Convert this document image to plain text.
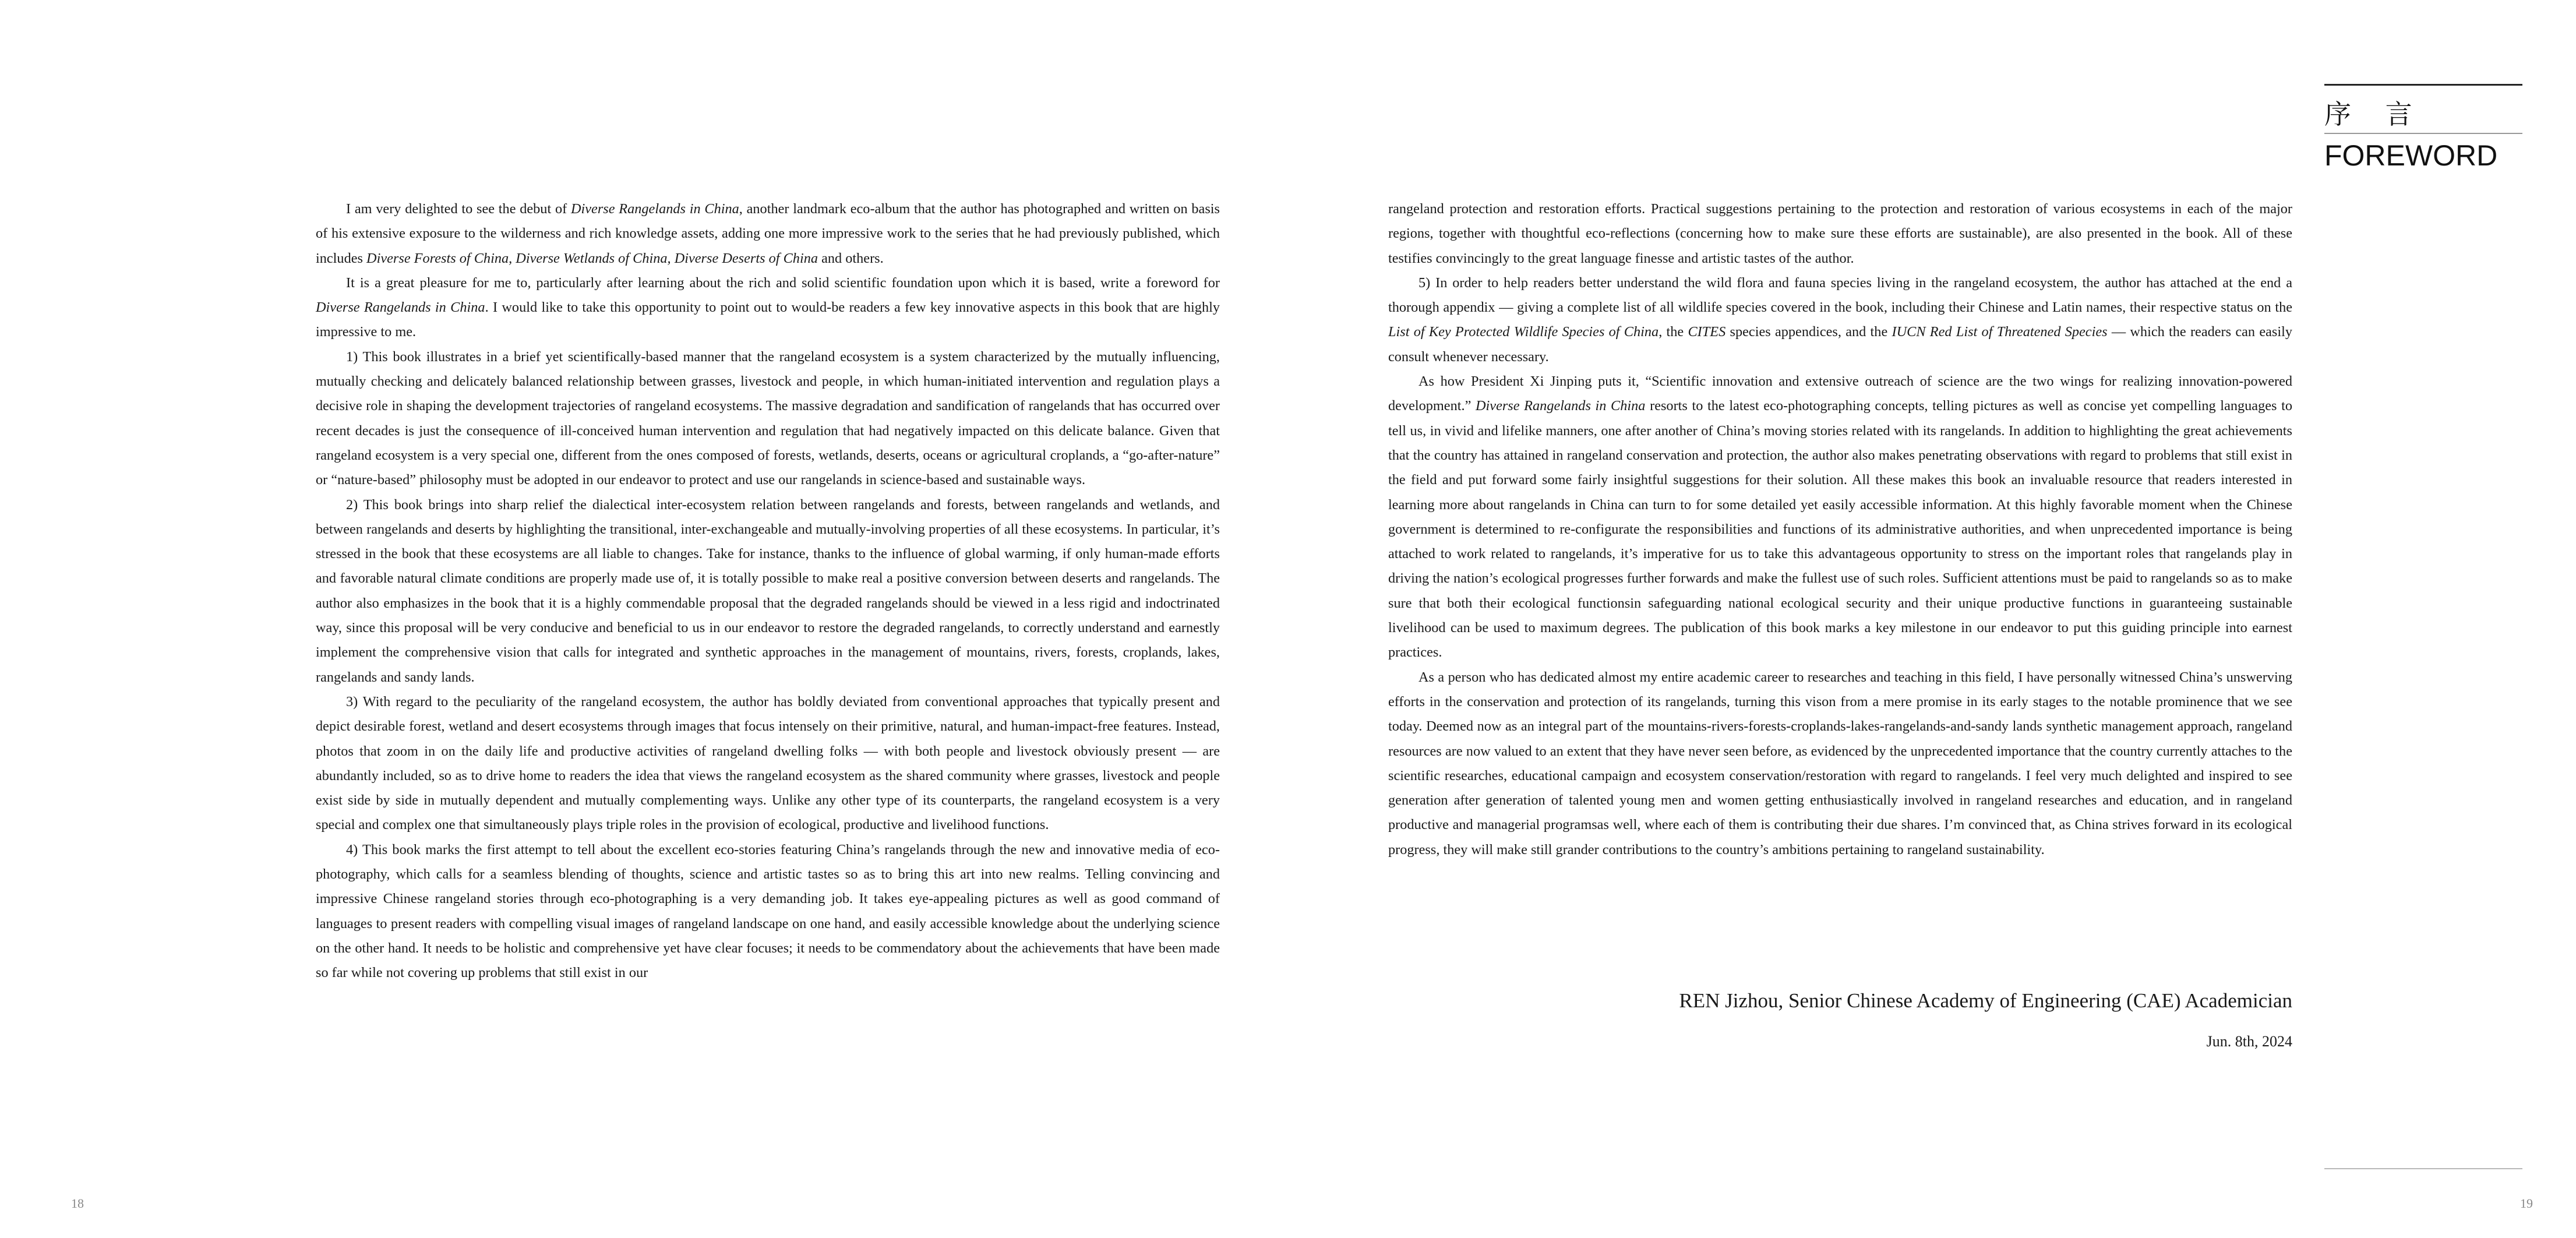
序 言
FOREWORD

I am very delighted to see the debut of Diverse Rangelands in China, another landmark eco-album that the author has photographed and written on basis of his extensive exposure to the wilderness and rich knowledge assets, adding one more impressive work to the series that he had previously published, which includes Diverse Forests of China, Diverse Wetlands of China, Diverse Deserts of China and others.

It is a great pleasure for me to, particularly after learning about the rich and solid scientific foundation upon which it is based, write a foreword for Diverse Rangelands in China. I would like to take this opportunity to point out to would-be readers a few key innovative aspects in this book that are highly impressive to me.

1) This book illustrates in a brief yet scientifically-based manner that the rangeland ecosystem is a system characterized by the mutually influencing, mutually checking and delicately balanced relationship between grasses, livestock and people, in which human-initiated intervention and regulation plays a decisive role in shaping the development trajectories of rangeland ecosystems. The massive degradation and sandification of rangelands that has occurred over recent decades is just the consequence of ill-conceived human intervention and regulation that had negatively impacted on this delicate balance. Given that rangeland ecosystem is a very special one, different from the ones composed of forests, wetlands, deserts, oceans or agricultural croplands, a “go-after-nature” or “nature-based” philosophy must be adopted in our endeavor to protect and use our rangelands in science-based and sustainable ways.

2) This book brings into sharp relief the dialectical inter-ecosystem relation between rangelands and forests, between rangelands and wetlands, and between rangelands and deserts by highlighting the transitional, inter-exchangeable and mutually-involving properties of all these ecosystems. In particular, it’s stressed in the book that these ecosystems are all liable to changes. Take for instance, thanks to the influence of global warming, if only human-made efforts and favorable natural climate conditions are properly made use of, it is totally possible to make real a positive conversion between deserts and rangelands. The author also emphasizes in the book that it is a highly commendable proposal that the degraded rangelands should be viewed in a less rigid and indoctrinated way, since this proposal will be very conducive and beneficial to us in our endeavor to restore the degraded rangelands, to correctly understand and earnestly implement the comprehensive vision that calls for integrated and synthetic approaches in the management of mountains, rivers, forests, croplands, lakes, rangelands and sandy lands.

3) With regard to the peculiarity of the rangeland ecosystem, the author has boldly deviated from conventional approaches that typically present and depict desirable forest, wetland and desert ecosystems through images that focus intensely on their primitive, natural, and human-impact-free features. Instead, photos that zoom in on the daily life and productive activities of rangeland dwelling folks — with both people and livestock obviously present — are abundantly included, so as to drive home to readers the idea that views the rangeland ecosystem as the shared community where grasses, livestock and people exist side by side in mutually dependent and mutually complementing ways. Unlike any other type of its counterparts, the rangeland ecosystem is a very special and complex one that simultaneously plays triple roles in the provision of ecological, productive and livelihood functions.

4) This book marks the first attempt to tell about the excellent eco-stories featuring China’s rangelands through the new and innovative media of eco-photography, which calls for a seamless blending of thoughts, science and artistic tastes so as to bring this art into new realms. Telling convincing and impressive Chinese rangeland stories through eco-photographing is a very demanding job. It takes eye-appealing pictures as well as good command of languages to present readers with compelling visual images of rangeland landscape on one hand, and easily accessible knowledge about the underlying science on the other hand. It needs to be holistic and comprehensive yet have clear focuses; it needs to be commendatory about the achievements that have been made so far while not covering up problems that still exist in our

rangeland protection and restoration efforts. Practical suggestions pertaining to the protection and restoration of various ecosystems in each of the major regions, together with thoughtful eco-reflections (concerning how to make sure these efforts are sustainable), are also presented in the book. All of these testifies convincingly to the great language finesse and artistic tastes of the author.

5) In order to help readers better understand the wild flora and fauna species living in the rangeland ecosystem, the author has attached at the end a thorough appendix — giving a complete list of all wildlife species covered in the book, including their Chinese and Latin names, their respective status on the List of Key Protected Wildlife Species of China, the CITES species appendices, and the IUCN Red List of Threatened Species — which the readers can easily consult whenever necessary.

As how President Xi Jinping puts it, “Scientific innovation and extensive outreach of science are the two wings for realizing innovation-powered development.” Diverse Rangelands in China resorts to the latest eco-photographing concepts, telling pictures as well as concise yet compelling languages to tell us, in vivid and lifelike manners, one after another of China’s moving stories related with its rangelands. In addition to highlighting the great achievements that the country has attained in rangeland conservation and protection, the author also makes penetrating observations with regard to problems that still exist in the field and put forward some fairly insightful suggestions for their solution. All these makes this book an invaluable resource that readers interested in learning more about rangelands in China can turn to for some detailed yet easily accessible information. At this highly favorable moment when the Chinese government is determined to re-configurate the responsibilities and functions of its administrative authorities, and when unprecedented importance is being attached to work related to rangelands, it’s imperative for us to take this advantageous opportunity to stress on the important roles that rangelands play in driving the nation’s ecological progresses further forwards and make the fullest use of such roles. Sufficient attentions must be paid to rangelands so as to make sure that both their ecological functionsin safeguarding national ecological security and their unique productive functions in guaranteeing sustainable livelihood can be used to maximum degrees. The publication of this book marks a key milestone in our endeavor to put this guiding principle into earnest practices.

As a person who has dedicated almost my entire academic career to researches and teaching in this field, I have personally witnessed China’s unswerving efforts in the conservation and protection of its rangelands, turning this vison from a mere promise in its early stages to the notable prominence that we see today. Deemed now as an integral part of the mountains-rivers-forests-croplands-lakes-rangelands-and-sandy lands synthetic management approach, rangeland resources are now valued to an extent that they have never seen before, as evidenced by the unprecedented importance that the country currently attaches to the scientific researches, educational campaign and ecosystem conservation/restoration with regard to rangelands. I feel very much delighted and inspired to see generation after generation of talented young men and women getting enthusiastically involved in rangeland researches and education, and in rangeland productive and managerial programsas well, where each of them is contributing their due shares. I’m convinced that, as China strives forward in its ecological progress, they will make still grander contributions to the country’s ambitions pertaining to rangeland sustainability.

REN Jizhou, Senior Chinese Academy of Engineering (CAE) Academician
Jun. 8th, 2024
18	19
